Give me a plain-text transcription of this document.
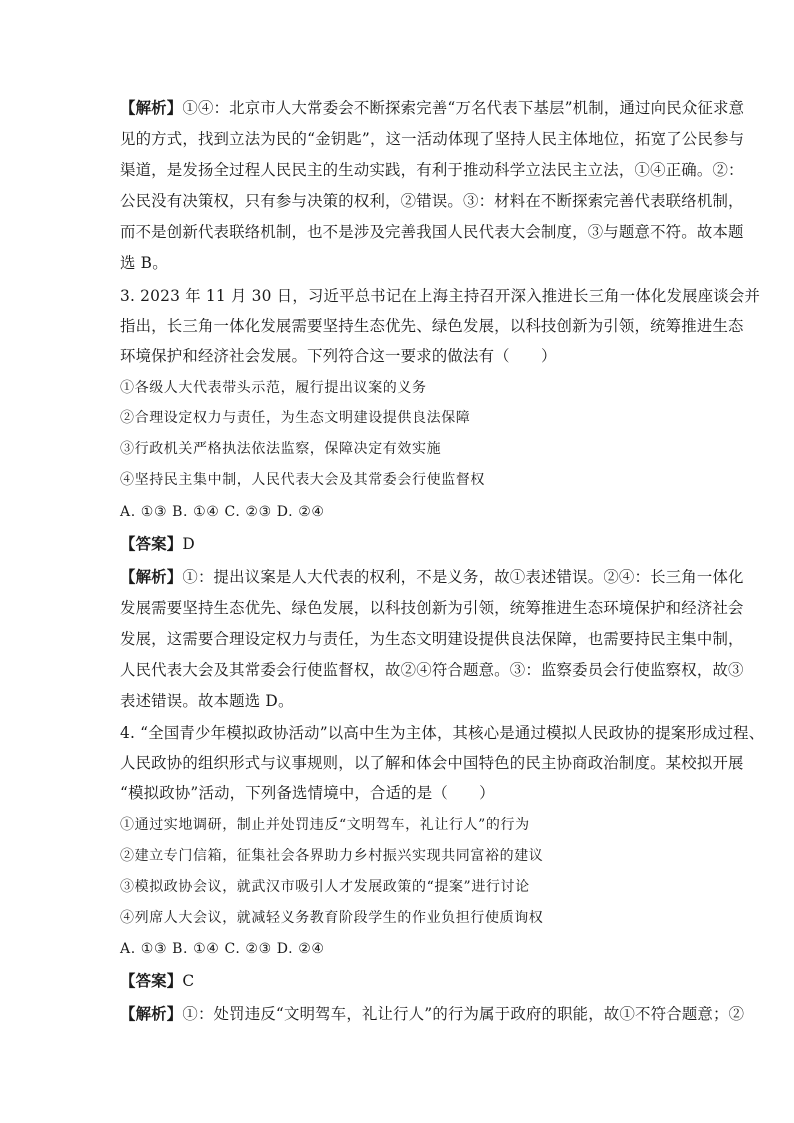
【解析】①④：北京市人大常委会不断探索完善“万名代表下基层”机制，通过向民众征求意
见的方式，找到立法为民的“金钥匙”，这一活动体现了坚持人民主体地位，拓宽了公民参与
渠道，是发扬全过程人民民主的生动实践，有利于推动科学立法民主立法，①④正确。②：
公民没有决策权，只有参与决策的权利，②错误。③：材料在不断探索完善代表联络机制，
而不是创新代表联络机制，也不是涉及完善我国人民代表大会制度，③与题意不符。故本题
选 B。
3. 2023 年 11 月 30 日，习近平总书记在上海主持召开深入推进长三角一体化发展座谈会并
指出，长三角一体化发展需要坚持生态优先、绿色发展，以科技创新为引领，统筹推进生态
环境保护和经济社会发展。下列符合这一要求的做法有（　　）
①各级人大代表带头示范，履行提出议案的义务
②合理设定权力与责任，为生态文明建设提供良法保障
③行政机关严格执法依法监察，保障决定有效实施
④坚持民主集中制，人民代表大会及其常委会行使监督权
A. ①③ B. ①④ C. ②③ D. ②④
【答案】D
【解析】①：提出议案是人大代表的权利，不是义务，故①表述错误。②④：长三角一体化
发展需要坚持生态优先、绿色发展，以科技创新为引领，统筹推进生态环境保护和经济社会
发展，这需要合理设定权力与责任，为生态文明建设提供良法保障，也需要持民主集中制，
人民代表大会及其常委会行使监督权，故②④符合题意。③：监察委员会行使监察权，故③
表述错误。故本题选 D。
4. “全国青少年模拟政协活动”以高中生为主体，其核心是通过模拟人民政协的提案形成过程、
人民政协的组织形式与议事规则，以了解和体会中国特色的民主协商政治制度。某校拟开展
“模拟政协”活动，下列备选情境中，合适的是（　　）
①通过实地调研，制止并处罚违反“文明驾车，礼让行人”的行为
②建立专门信箱，征集社会各界助力乡村振兴实现共同富裕的建议
③模拟政协会议，就武汉市吸引人才发展政策的“提案”进行讨论
④列席人大会议，就减轻义务教育阶段学生的作业负担行使质询权
A. ①③ B. ①④ C. ②③ D. ②④
【答案】C
【解析】①：处罚违反“文明驾车，礼让行人”的行为属于政府的职能，故①不符合题意；②
